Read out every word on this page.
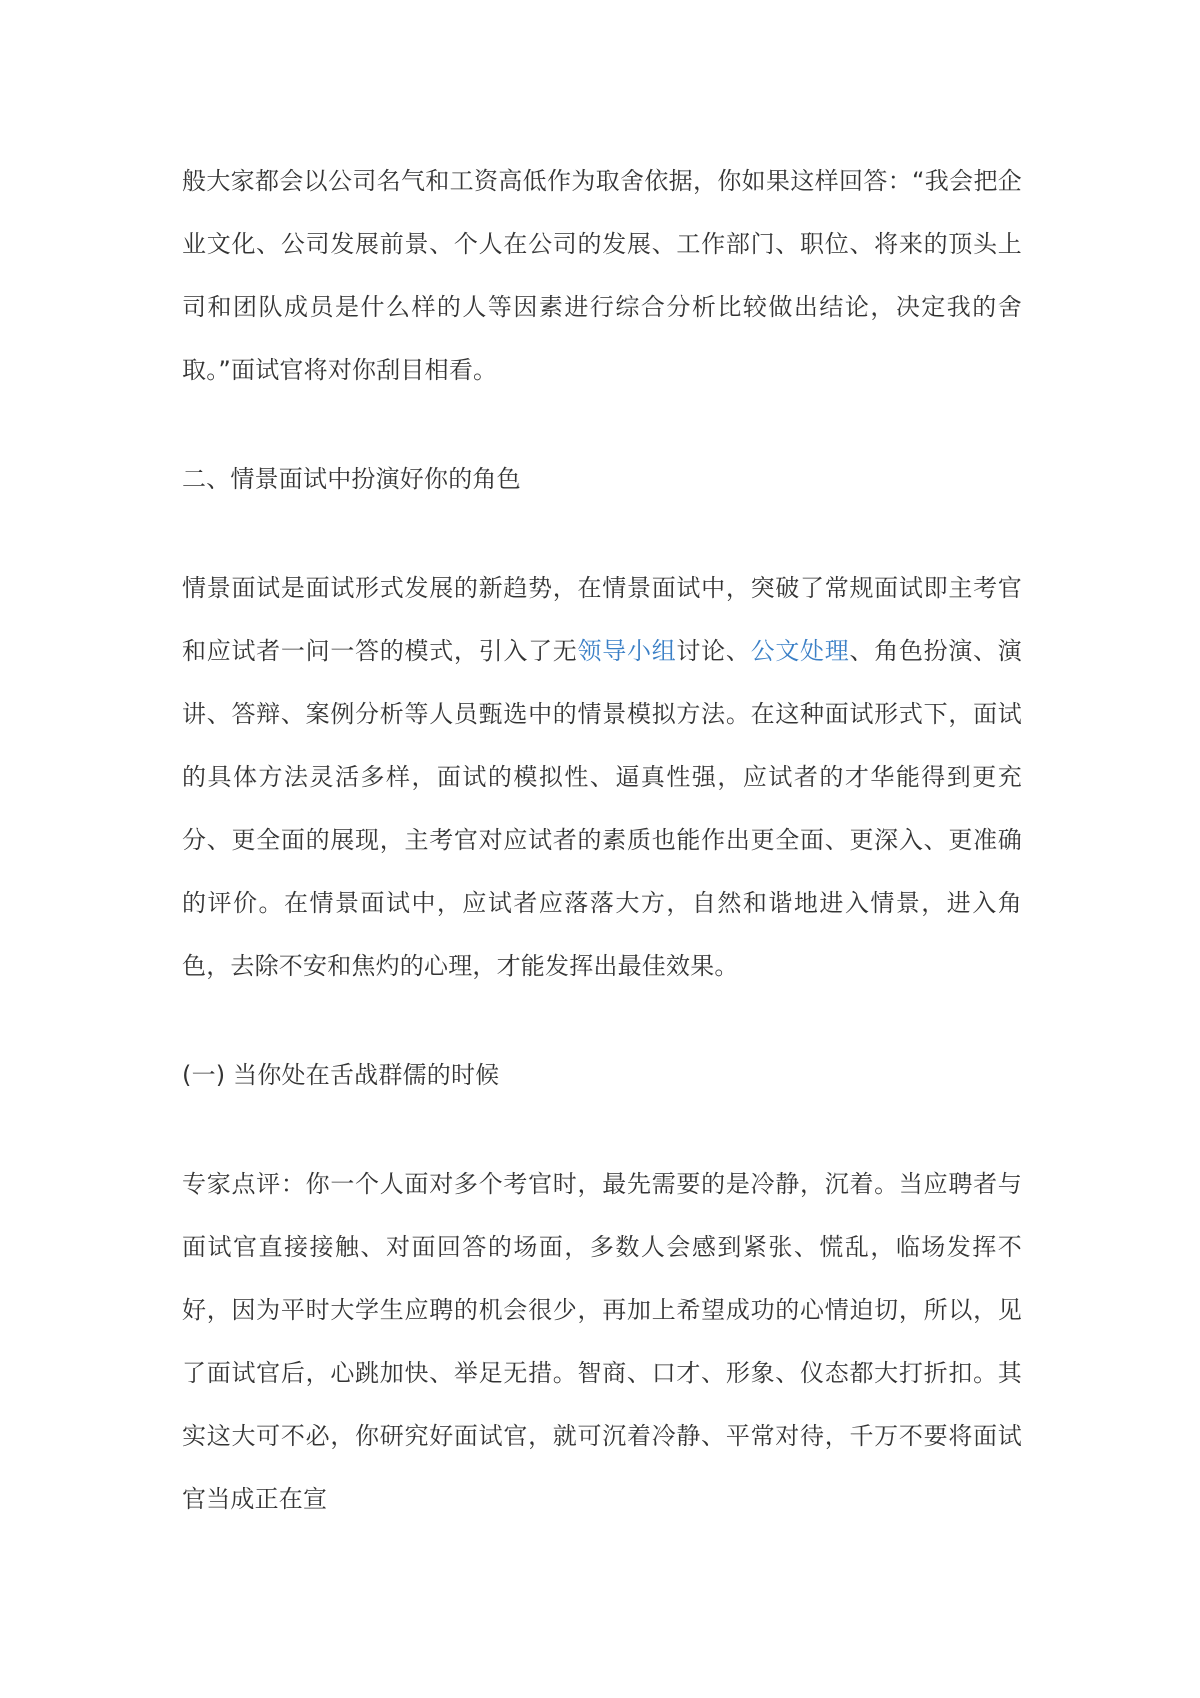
般大家都会以公司名气和工资高低作为取舍依据，你如果这样回答：“我会把企业文化、公司发展前景、个人在公司的发展、工作部门、职位、将来的顶头上司和团队成员是什么样的人等因素进行综合分析比较做出结论，决定我的舍取。”面试官将对你刮目相看。

二、情景面试中扮演好你的角色

情景面试是面试形式发展的新趋势，在情景面试中，突破了常规面试即主考官和应试者一问一答的模式，引入了无领导小组讨论、公文处理、角色扮演、演讲、答辩、案例分析等人员甄选中的情景模拟方法。在这种面试形式下，面试的具体方法灵活多样，面试的模拟性、逼真性强，应试者的才华能得到更充分、更全面的展现，主考官对应试者的素质也能作出更全面、更深入、更准确的评价。在情景面试中，应试者应落落大方，自然和谐地进入情景，进入角色，去除不安和焦灼的心理，才能发挥出最佳效果。

(一) 当你处在舌战群儒的时候

专家点评：你一个人面对多个考官时，最先需要的是冷静，沉着。当应聘者与面试官直接接触、对面回答的场面，多数人会感到紧张、慌乱，临场发挥不好，因为平时大学生应聘的机会很少，再加上希望成功的心情迫切，所以，见了面试官后，心跳加快、举足无措。智商、口才、形象、仪态都大打折扣。其实这大可不必，你研究好面试官，就可沉着冷静、平常对待，千万不要将面试官当成正在宣
